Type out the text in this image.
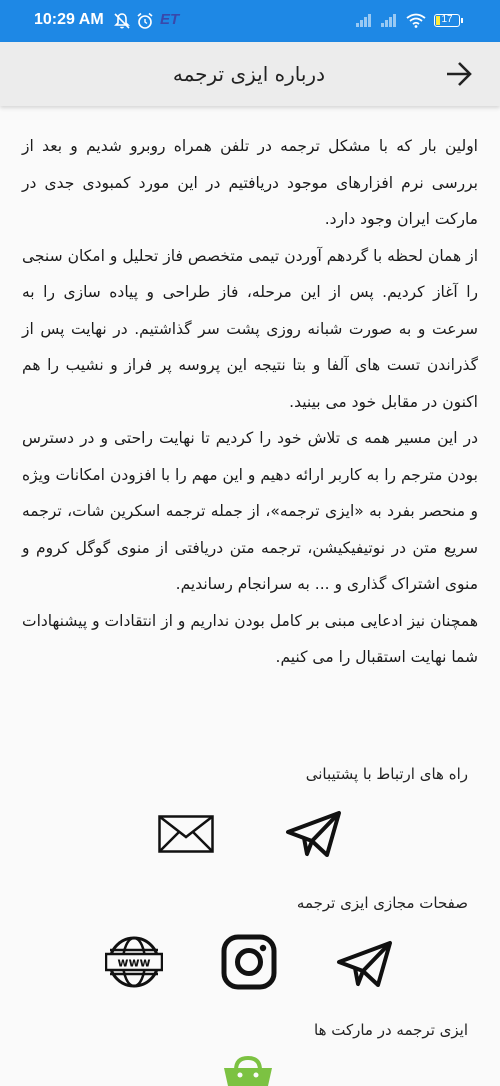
10:29 AM	ET	17
درباره ایزی ترجمه

اولین بار که با مشکل ترجمه در تلفن همراه روبرو شدیم و بعد از بررسی نرم افزارهای موجود دریافتیم در این مورد کمبودی جدی در مارکت ایران وجود دارد.

از همان لحظه با گردهم آوردن تیمی متخصص فاز تحلیل و امکان سنجی را آغاز کردیم. پس از این مرحله، فاز طراحی و پیاده سازی را به سرعت و به صورت شبانه روزی پشت سر گذاشتیم. در نهایت پس از گذراندن تست های آلفا و بتا نتیجه این پروسه پر فراز و نشیب را هم اکنون در مقابل خود می بینید.

در این مسیر همه ی تلاش خود را کردیم تا نهایت راحتی و در دسترس بودن مترجم را به کاربر ارائه دهیم و این مهم را با افزودن امکانات ویژه و منحصر بفرد به «ایزی ترجمه»، از جمله ترجمه اسکرین شات، ترجمه سریع متن در نوتیفیکیشن، ترجمه متن دریافتی از منوی گوگل کروم و منوی اشتراک گذاری و ... به سرانجام رساندیم.

همچنان نیز ادعایی مبنی بر کامل بودن نداریم و از انتقادات و پیشنهادات شما نهایت استقبال را می کنیم.

راه های ارتباط با پشتیبانی
صفحات مجازی ایزی ترجمه
www
ایزی ترجمه در مارکت ها
